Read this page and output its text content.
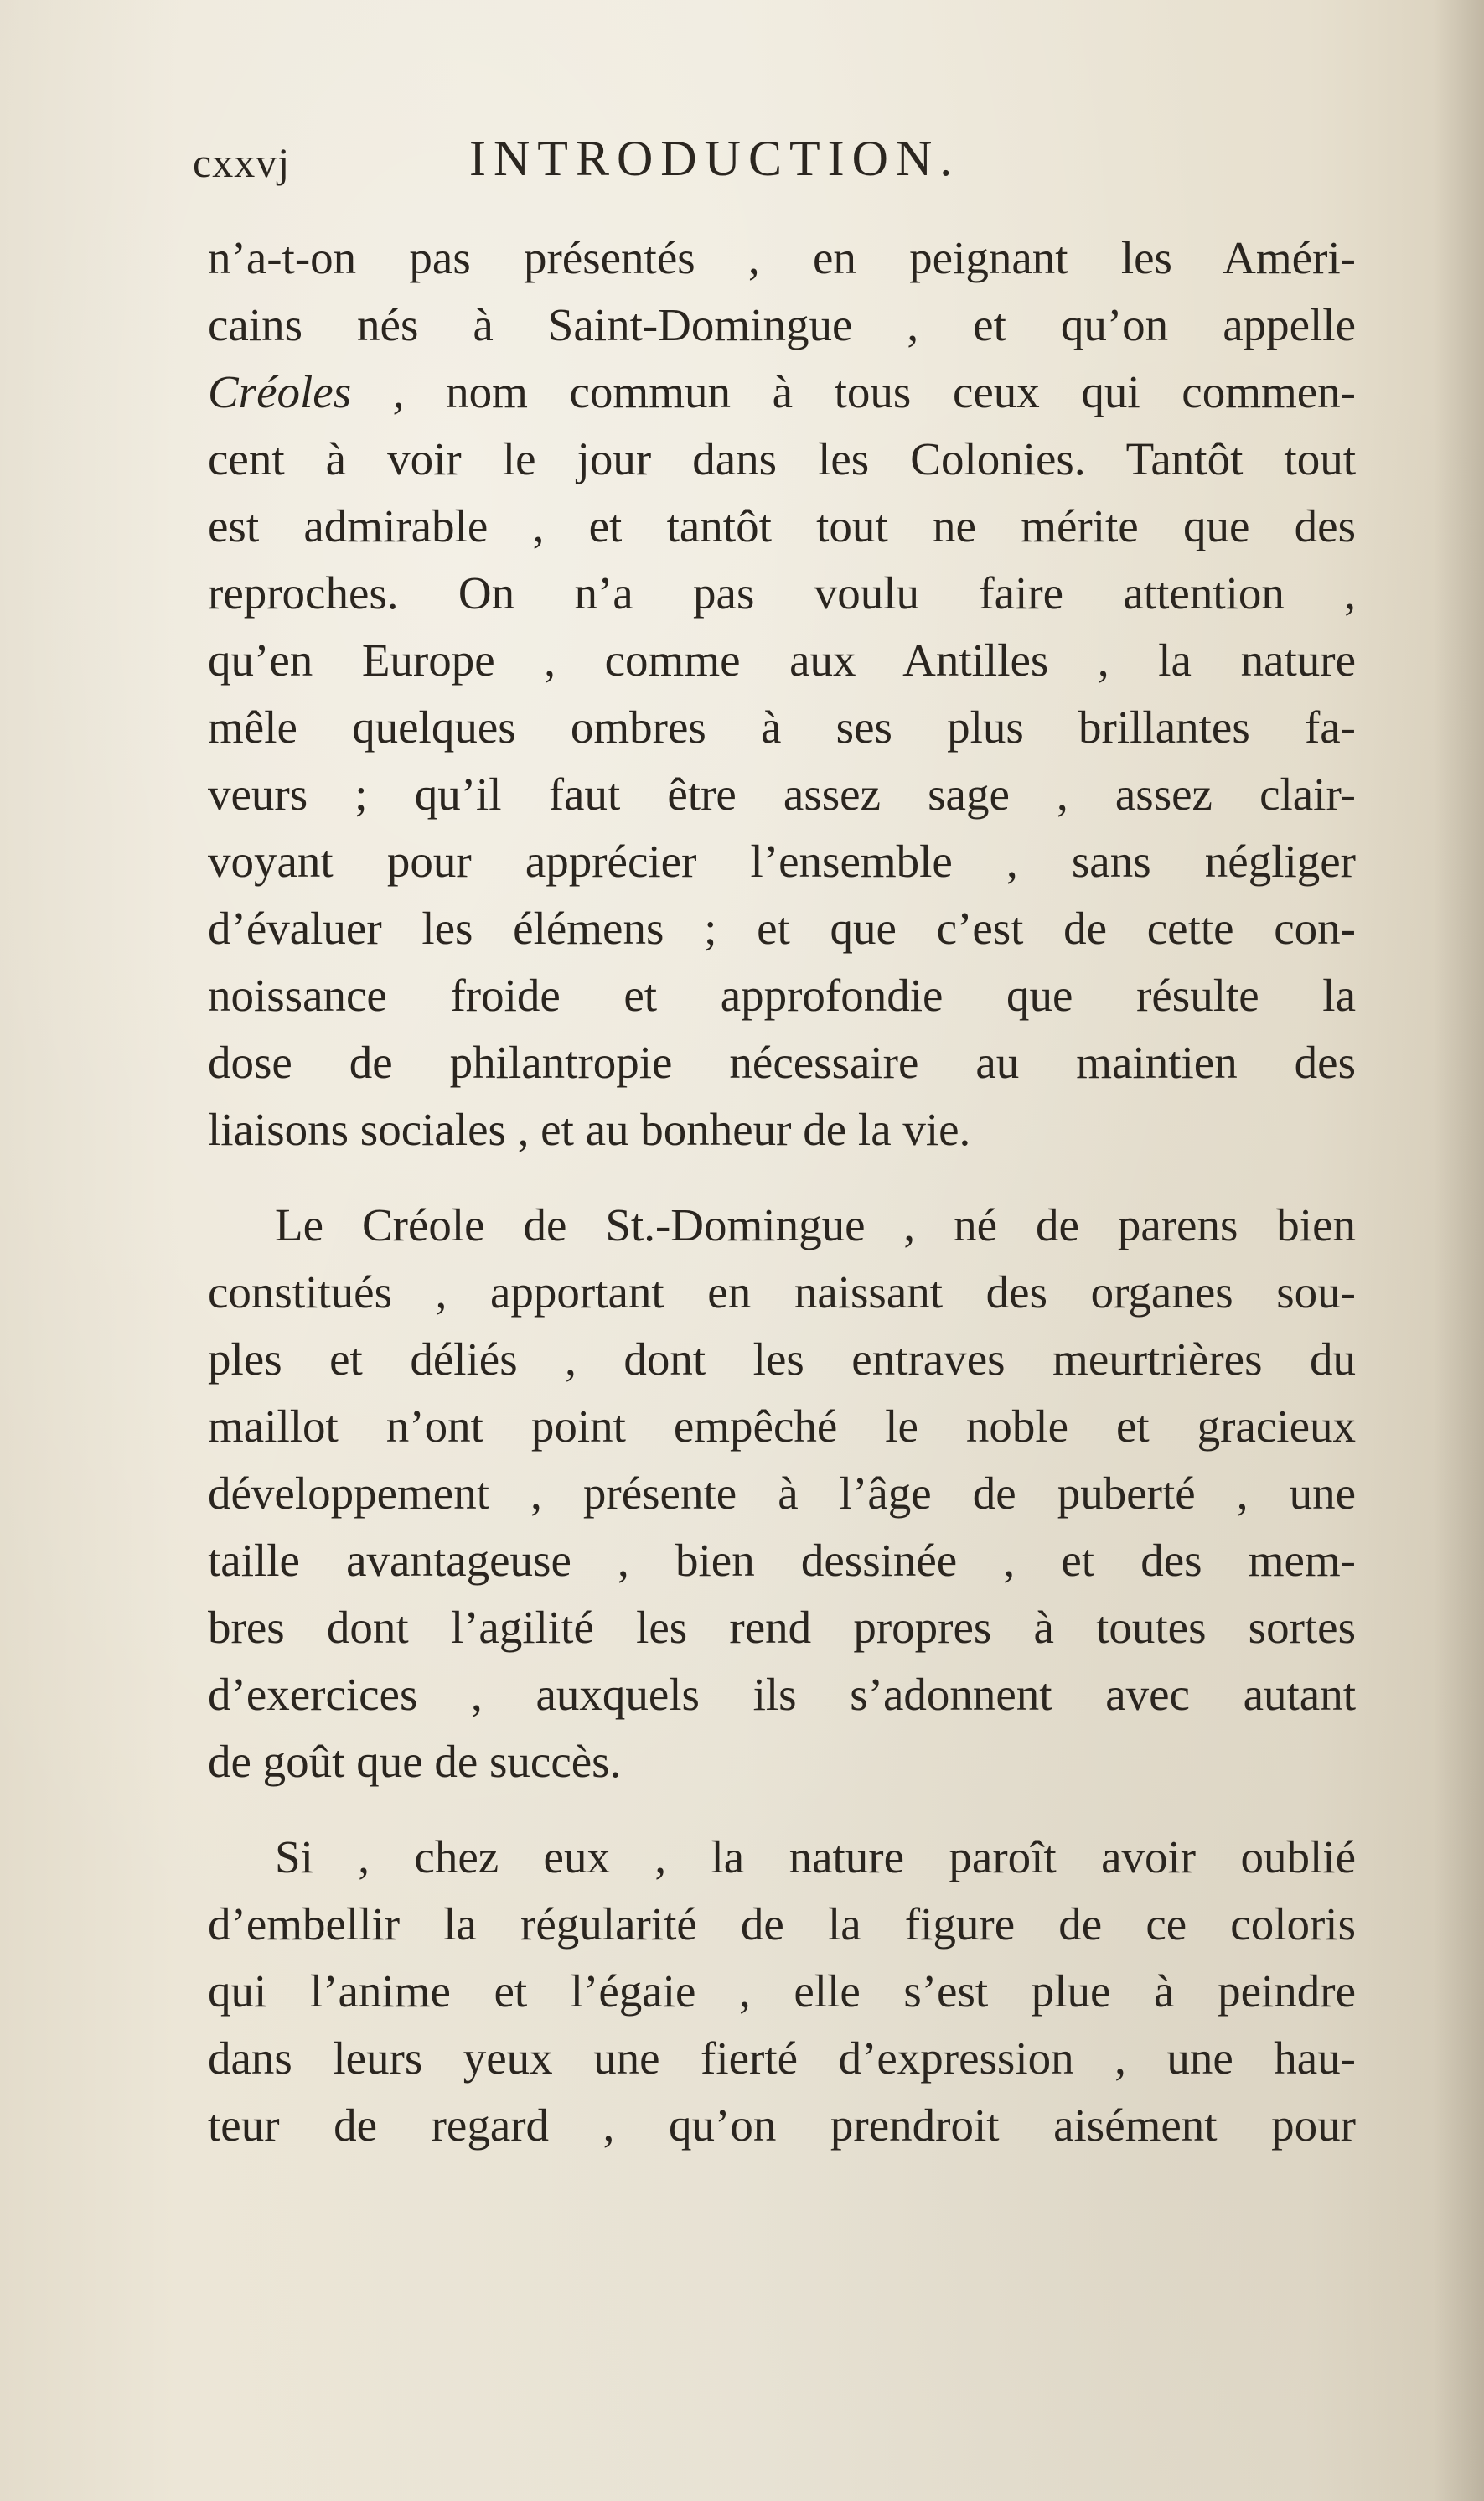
cxxvj	INTRODUCTION.
n’a-t-on pas présentés , en peignant les Améri-
cains nés à Saint-Domingue , et qu’on appelle
Créoles , nom commun à tous ceux qui commen-
cent à voir le jour dans les Colonies. Tantôt tout
est admirable , et tantôt tout ne mérite que des
reproches. On n’a pas voulu faire attention ,
qu’en Europe , comme aux Antilles , la nature
mêle quelques ombres à ses plus brillantes fa-
veurs ; qu’il faut être assez sage , assez clair-
voyant pour apprécier l’ensemble , sans négliger
d’évaluer les élémens ; et que c’est de cette con-
noissance froide et approfondie que résulte la
dose de philantropie nécessaire au maintien des
liaisons sociales , et au bonheur de la vie.
Le Créole de St.-Domingue , né de parens bien
constitués , apportant en naissant des organes sou-
ples et déliés , dont les entraves meurtrières du
maillot n’ont point empêché le noble et gracieux
développement , présente à l’âge de puberté , une
taille avantageuse , bien dessinée , et des mem-
bres dont l’agilité les rend propres à toutes sortes
d’exercices , auxquels ils s’adonnent avec autant
de goût que de succès.
Si , chez eux , la nature paroît avoir oublié
d’embellir la régularité de la figure de ce coloris
qui l’anime et l’égaie , elle s’est plue à peindre
dans leurs yeux une fierté d’expression , une hau-
teur de regard , qu’on prendroit aisément pour
